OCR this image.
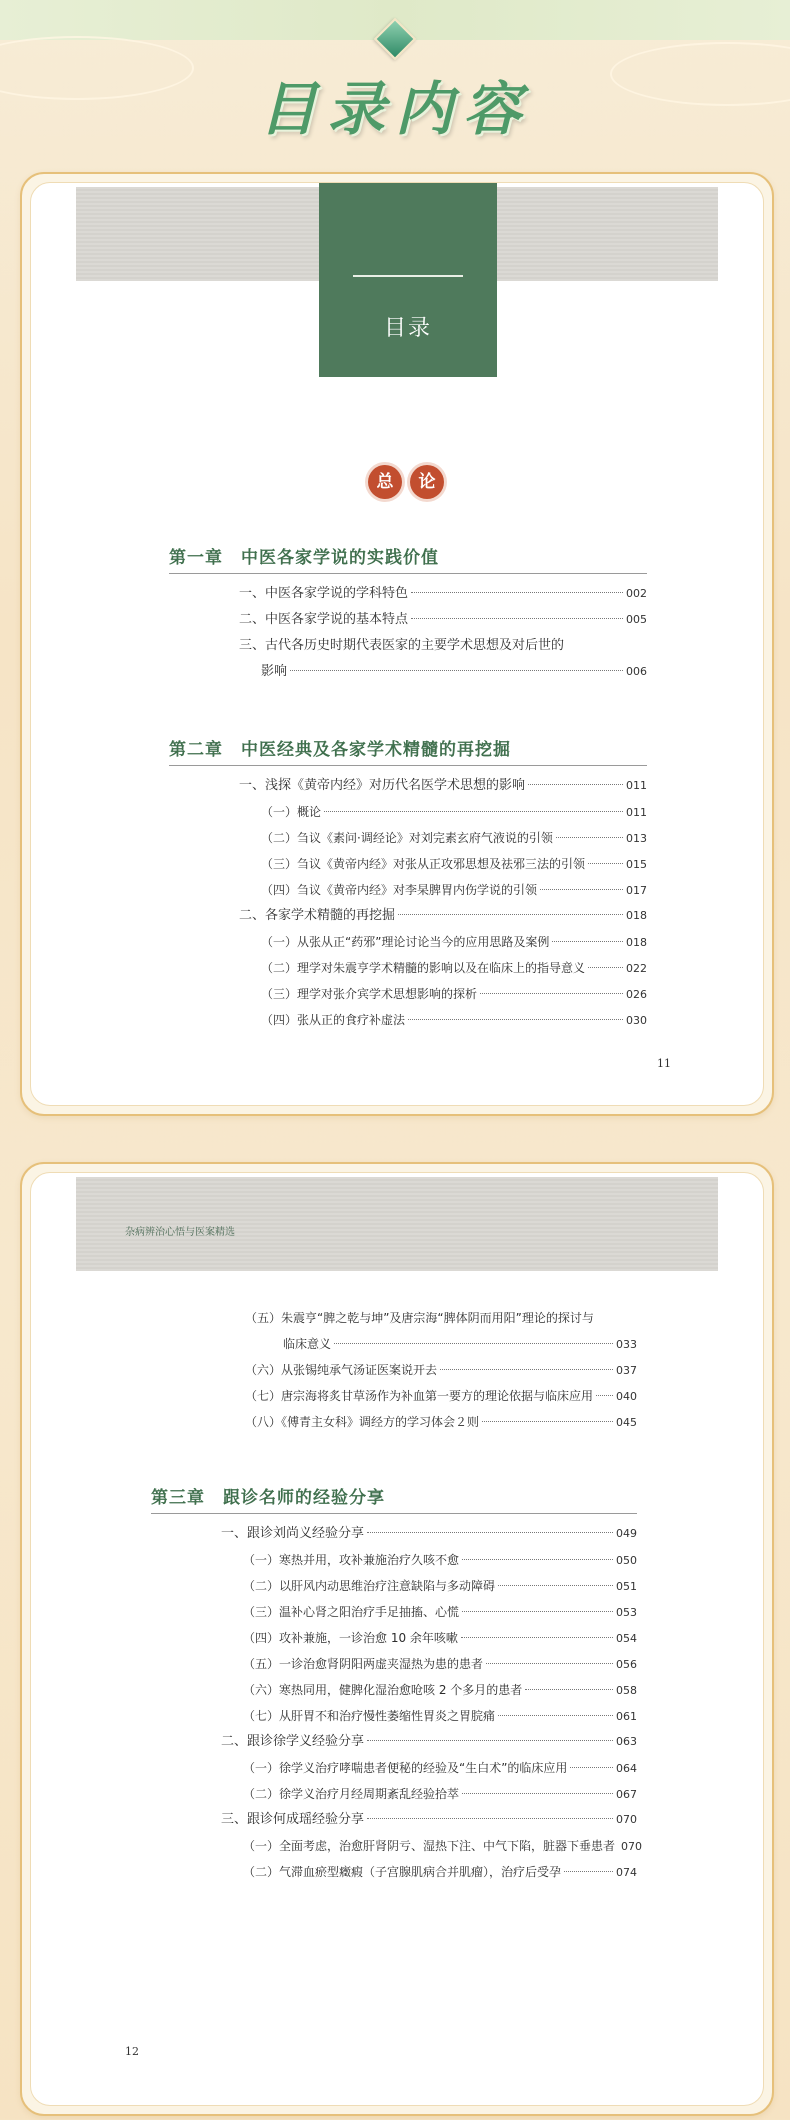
目录内容
目录
总	论
第一章 中医各家学说的实践价值
一、中医各家学说的学科特色	002
二、中医各家学说的基本特点	005
三、古代各历史时期代表医家的主要学术思想及对后世的
影响	006
第二章 中医经典及各家学术精髓的再挖掘
一、浅探《黄帝内经》对历代名医学术思想的影响	011
（一）概论	011
（二）刍议《素问·调经论》对刘完素玄府气液说的引领	013
（三）刍议《黄帝内经》对张从正攻邪思想及祛邪三法的引领	015
（四）刍议《黄帝内经》对李杲脾胃内伤学说的引领	017
二、各家学术精髓的再挖掘	018
（一）从张从正“药邪”理论讨论当今的应用思路及案例	018
（二）理学对朱震亨学术精髓的影响以及在临床上的指导意义	022
（三）理学对张介宾学术思想影响的探析	026
（四）张从正的食疗补虚法	030
11
杂病辨治心悟与医案精选
（五）朱震亨“脾之乾与坤”及唐宗海“脾体阴而用阳”理论的探讨与
临床意义	033
（六）从张锡纯承气汤证医案说开去	037
（七）唐宗海将炙甘草汤作为补血第一要方的理论依据与临床应用 040
（八）《傅青主女科》调经方的学习体会２则	045
第三章 跟诊名师的经验分享
一、跟诊刘尚义经验分享	049
（一）寒热并用，攻补兼施治疗久咳不愈	050
（二）以肝风内动思维治疗注意缺陷与多动障碍	051
（三）温补心肾之阳治疗手足抽搐、心慌	053
（四）攻补兼施，一诊治愈 10 余年咳嗽	054
（五）一诊治愈肾阴阳两虚夹湿热为患的患者	056
（六）寒热同用，健脾化湿治愈呛咳 2 个多月的患者	058
（七）从肝胃不和治疗慢性萎缩性胃炎之胃脘痛	061
二、跟诊徐学义经验分享	063
（一）徐学义治疗哮喘患者便秘的经验及“生白术”的临床应用	064
（二）徐学义治疗月经周期紊乱经验拾萃	067
三、跟诊何成瑶经验分享	070
（一）全面考虑，治愈肝肾阴亏、湿热下注、中气下陷，脏器下垂患者 070
（二）气滞血瘀型癥瘕（子宫腺肌病合并肌瘤），治疗后受孕	074
12
